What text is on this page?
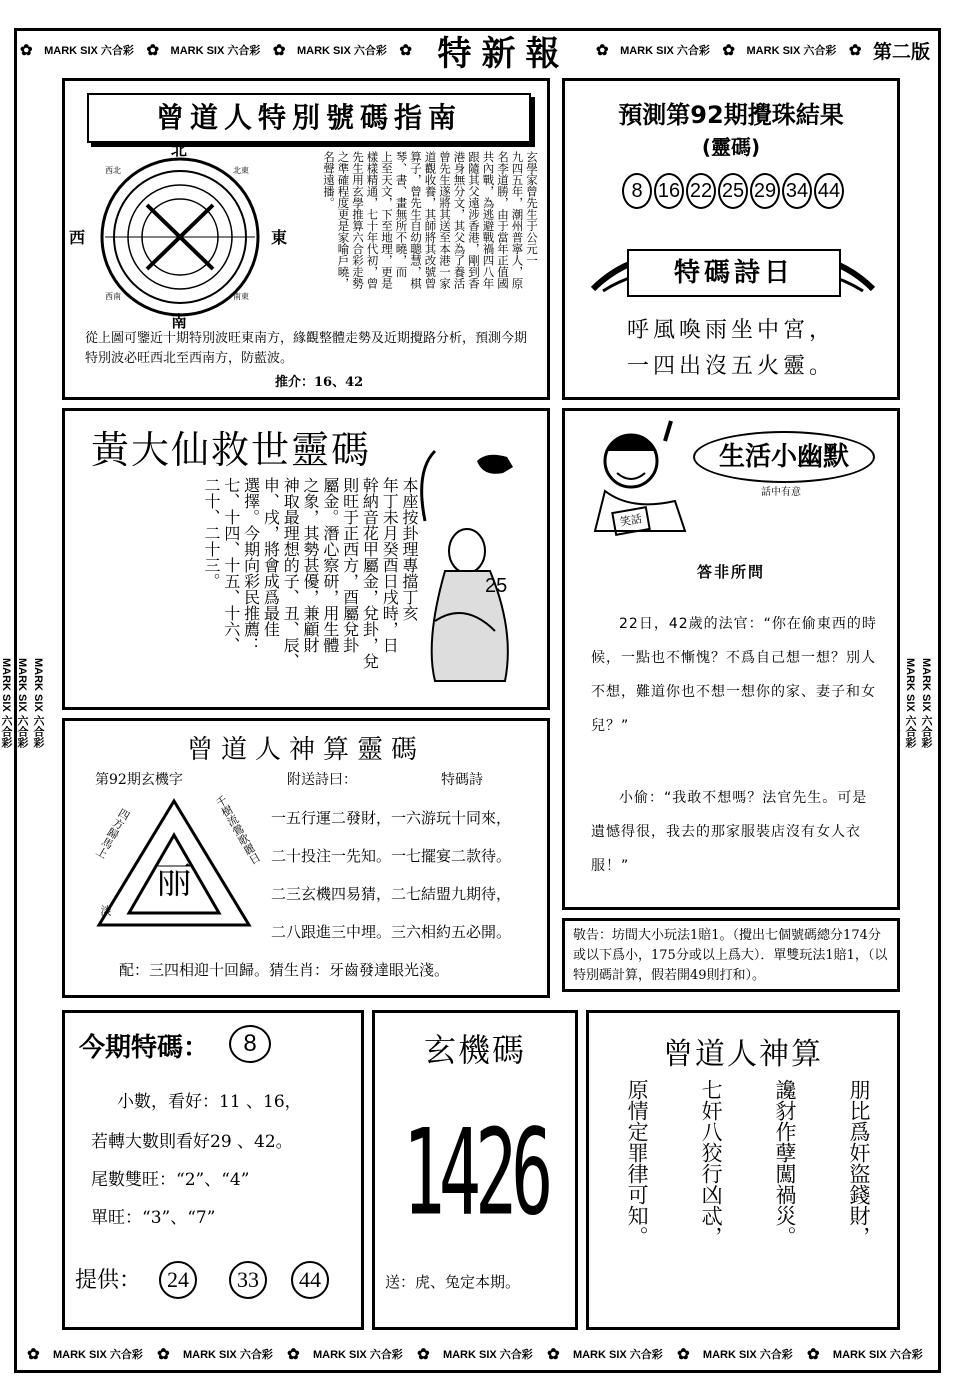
✿ MARK SIX 六合彩 ✿ MARK SIX 六合彩 ✿ MARK SIX 六合彩 ✿ 特新報	✿ MARK SIX 六合彩 ✿ MARK SIX 六合彩 ✿ 第二版
MARK SIX 六合彩
MARK SIX 六合彩
MARK SIX 六合彩	MARK SIX 六合彩
MARK SIX 六合彩
✿ MARK SIX 六合彩 ✿ MARK SIX 六合彩 ✿ MARK SIX 六合彩 ✿ MARK SIX 六合彩 ✿ MARK SIX 六合彩 ✿ MARK SIX 六合彩 ✿ MARK SIX 六合彩
曾道人特別號碼指南
北
南
西	東
西北	北東
西南	南東
玄學家曾先生于公元一
九四五年，潮州普寧人，原
名李道勝，由于當年正值國
共內戰，為逃避戰禍四八年
跟隨其父遠涉香港，剛到香
港身無分文，其父為了養活
曾先生遂將其送至本港一家
道觀收養，其師將其改號曾
算子，曾先生自幼聰慧，棋
琴、書、畫無所不曉，而
上至天文，下至地理，更是
樣樣精通，七十年代初，曾
先生用玄學推算六合彩走勢
之準確程度更是家喻戶曉，
名聲遠播。
從上圖可鑒近十期特別波旺東南方，緣觀整體走勢及近期攪路分析，預測今期特別波必旺西北至西南方，防藍波。
推介：16、42
預測第92期攪珠結果
(靈碼)
8 16 22 25 29 34 44
特碼詩日
呼風喚雨坐中宮，
一四出沒五火靈。
黃大仙救世靈碼
本座按卦理專擋丁亥
年丁未月癸酉日戌時，日
幹納音花甲屬金，兌卦，兌
則旺于正西方，酉屬兌卦
屬金。潛心察研，用生體
之象，其勢甚優，兼顧財
神取最理想的子、丑、辰、
申、戌，將會成爲最佳
選擇。今期向彩民推薦：
七、十四、十五、十六、
二十、二十三。	25
笑話
生活小幽默
話中有意
答非所問
22日，42歲的法官：“你在偷東西的時候，一點也不慚愧？不爲自己想一想？別人不想，難道你也不想一想你的家、妻子和女兒？”
小偷：“我敢不想嗎？法官先生。可是遺憾得很，我去的那家服裝店沒有女人衣服！”
曾道人神算靈碼
第92期玄機字	附送詩曰：	特碼詩
丽
四方歸馬上
淡
千樹流鶯歌麗日 一五行運二發財，一六游玩十同來，
二十投注一先知。一七擺宴二款待。
二三玄機四易猜，二七結盟九期待，
二八跟進三中埋。三六相約五必開。
配：三四相迎十回歸。猜生肖：牙齒發達眼光淺。
敬告：坊間大小玩法1賠1。（攪出七個號碼總分174分或以下爲小，175分或以上爲大）．單雙玩法1賠1，（以特別碼計算，假若開49則打和）。
今期特碼：	8
小數，看好：11 、16，
若轉大數則看好29 、42。
尾數雙旺：“2”、“4”
單旺：“3”、“7”
提供：	24	33	44
玄機碼
1426
送：虎、兔定本期。
曾道人神算
朋比爲奸盜錢財，
讒豺作孽闖禍災。
七奸八狡行凶忒，
原情定罪律可知。
